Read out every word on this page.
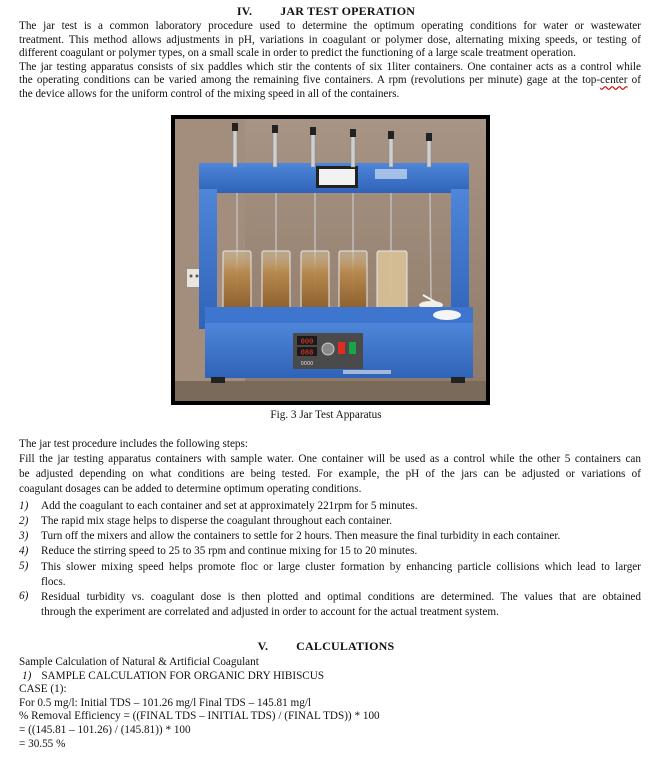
IV. JAR TEST OPERATION
The jar test is a common laboratory procedure used to determine the optimum operating conditions for water or wastewater
treatment. This method allows adjustments in pH, variations in coagulant or polymer dose, alternating mixing speeds, or testing of
different coagulant or polymer types, on a small scale in order to predict the functioning of a large scale treatment operation.
The jar testing apparatus consists of six paddles which stir the contents of six 1liter containers. One container acts as a control while
the operating conditions can be varied among the remaining five containers. A rpm (revolutions per minute) gage at the top-center of
the device allows for the uniform control of the mixing speed in all of the containers.
000
088
0000
Fig. 3 Jar Test Apparatus
The jar test procedure includes the following steps:
Fill the jar testing apparatus containers with sample water. One container will be used as a control while the other 5 containers can
be adjusted depending on what conditions are being tested. For example, the pH of the jars can be adjusted or variations of
coagulant dosages can be added to determine optimum operating conditions.
1) Add the coagulant to each container and set at approximately 221rpm for 5 minutes.
2) The rapid mix stage helps to disperse the coagulant throughout each container.
3) Turn off the mixers and allow the containers to settle for 2 hours. Then measure the final turbidity in each container.
4) Reduce the stirring speed to 25 to 35 rpm and continue mixing for 15 to 20 minutes.
5) This slower mixing speed helps promote floc or large cluster formation by enhancing particle collisions which lead to larger
flocs.
6) Residual turbidity vs. coagulant dose is then plotted and optimal conditions are determined. The values that are obtained
through the experiment are correlated and adjusted in order to account for the actual treatment system.
V. CALCULATIONS
Sample Calculation of Natural & Artificial Coagulant
1) SAMPLE CALCULATION FOR ORGANIC DRY HIBISCUS
CASE (1):
For 0.5 mg/l: Initial TDS – 101.26 mg/l Final TDS – 145.81 mg/l
% Removal Efficiency = ((FINAL TDS – INITIAL TDS) / (FINAL TDS)) * 100
= ((145.81 – 101.26) / (145.81)) * 100
= 30.55 %
